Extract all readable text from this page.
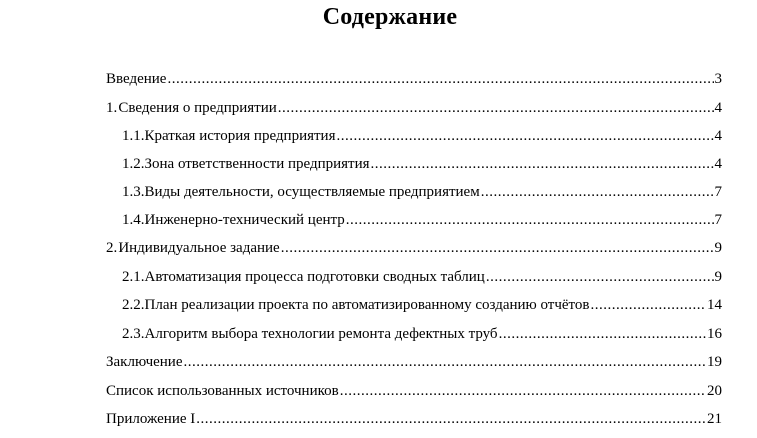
Содержание
Введение .....	3
1. Сведения о предприятии .....	4
1.1. Краткая история предприятия .....	4
1.2. Зона ответственности предприятия .....	4
1.3. Виды деятельности, осуществляемые предприятием .....	7
1.4. Инженерно-технический центр .....	7
2. Индивидуальное задание .....	9
2.1. Автоматизация процесса подготовки сводных таблиц .....	9
2.2. План реализации проекта по автоматизированному созданию отчётов .....	14
2.3. Алгоритм выбора технологии ремонта дефектных труб .....	16
Заключение .....	19
Список использованных источников .....	20
Приложение I .....	21
